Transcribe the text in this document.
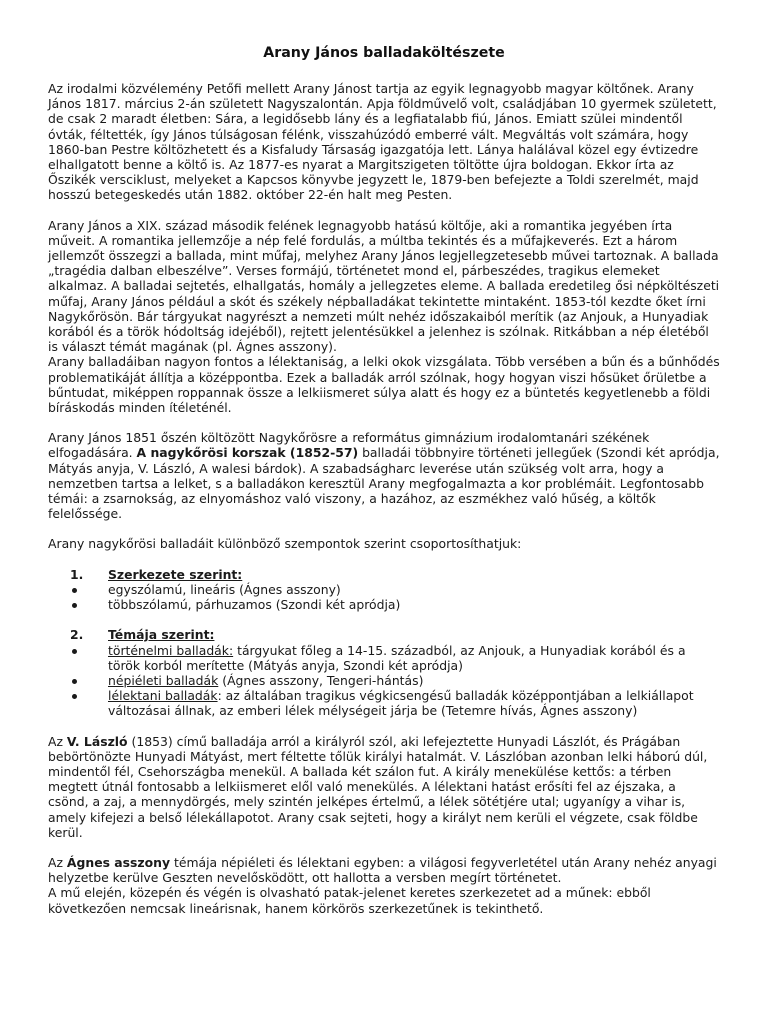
Arany János balladaköltészete

Az irodalmi közvélemény Petőfi mellett Arany Jánost tartja az egyik legnagyobb magyar költőnek. Arany János 1817. március 2-án született Nagyszalontán. Apja földművelő volt, családjában 10 gyermek született, de csak 2 maradt életben: Sára, a legidősebb lány és a legfiatalabb fiú, János. Emiatt szülei mindentől óvták, féltették, így János túlságosan félénk, visszahúzódó emberré vált. Megváltás volt számára, hogy 1860-ban Pestre költözhetett és a Kisfaludy Társaság igazgatója lett. Lánya halálával közel egy évtizedre elhallgatott benne a költő is. Az 1877-es nyarat a Margitszigeten töltötte újra boldogan. Ekkor írta az Őszikék versciklust, melyeket a Kapcsos könyvbe jegyzett le, 1879-ben befejezte a Toldi szerelmét, majd hosszú betegeskedés után 1882. október 22-én halt meg Pesten.

Arany János a XIX. század második felének legnagyobb hatású költője, aki a romantika jegyében írta műveit. A romantika jellemzője a nép felé fordulás, a múltba tekintés és a műfajkeverés. Ezt a három jellemzőt összegzi a ballada, mint műfaj, melyhez Arany János legjellegzetesebb művei tartoznak. A ballada „tragédia dalban elbeszélve”. Verses formájú, történetet mond el, párbeszédes, tragikus elemeket alkalmaz. A balladai sejtetés, elhallgatás, homály a jellegzetes eleme. A ballada eredetileg ősi népköltészeti műfaj, Arany János például a skót és székely népballadákat tekintette mintaként. 1853-tól kezdte őket írni Nagykőrösön. Bár tárgyukat nagyrészt a nemzeti múlt nehéz időszakaiból merítik (az Anjouk, a Hunyadiak korából és a török hódoltság idejéből), rejtett jelentésükkel a jelenhez is szólnak. Ritkábban a nép életéből is választ témát magának (pl. Ágnes asszony).

Arany balladáiban nagyon fontos a lélektaniság, a lelki okok vizsgálata. Több versében a bűn és a bűnhődés problematikáját állítja a középpontba. Ezek a balladák arról szólnak, hogy hogyan viszi hősüket őrületbe a bűntudat, miképpen roppannak össze a lelkiismeret súlya alatt és hogy ez a büntetés kegyetlenebb a földi bíráskodás minden ítéleténél.

Arany János 1851 őszén költözött Nagykőrösre a református gimnázium irodalomtanári székének elfogadására. A nagykőrösi korszak (1852-57) balladái többnyire történeti jellegűek (Szondi két apródja, Mátyás anyja, V. László, A walesi bárdok). A szabadságharc leverése után szükség volt arra, hogy a nemzetben tartsa a lelket, s a balladákon keresztül Arany megfogalmazta a kor problémáit. Legfontosabb témái: a zsarnokság, az elnyomáshoz való viszony, a hazához, az eszmékhez való hűség, a költők felelőssége.

Arany nagykőrösi balladáit különböző szempontok szerint csoportosíthatjuk:

1.	Szerkezete szerint:
egyszólamú, lineáris (Ágnes asszony)
többszólamú, párhuzamos (Szondi két apródja)
2.	Témája szerint:
történelmi balladák: tárgyukat főleg a 14-15. századból, az Anjouk, a Hunyadiak korából és a török korból merítette (Mátyás anyja, Szondi két apródja)
népiéleti balladák (Ágnes asszony, Tengeri-hántás)
lélektani balladák: az általában tragikus végkicsengésű balladák középpontjában a lelkiállapot változásai állnak, az emberi lélek mélységeit járja be (Tetemre hívás, Ágnes asszony)

Az V. László (1853) című balladája arról a királyról szól, aki lefejeztette Hunyadi Lászlót, és Prágában bebörtönözte Hunyadi Mátyást, mert féltette tőlük királyi hatalmát. V. Lászlóban azonban lelki háború dúl, mindentől fél, Csehországba menekül. A ballada két szálon fut. A király menekülése kettős: a térben megtett útnál fontosabb a lelkiismeret elől való menekülés. A lélektani hatást erősíti fel az éjszaka, a csönd, a zaj, a mennydörgés, mely szintén jelképes értelmű, a lélek sötétjére utal; ugyanígy a vihar is, amely kifejezi a belső lélekállapotot. Arany csak sejteti, hogy a királyt nem kerüli el végzete, csak földbe kerül.

Az Ágnes asszony témája népiéleti és lélektani egyben: a világosi fegyverletétel után Arany nehéz anyagi helyzetbe kerülve Geszten nevelősködött, ott hallotta a versben megírt történetet.

A mű elején, közepén és végén is olvasható patak-jelenet keretes szerkezetet ad a műnek: ebből következően nemcsak lineárisnak, hanem körkörös szerkezetűnek is tekinthető.
